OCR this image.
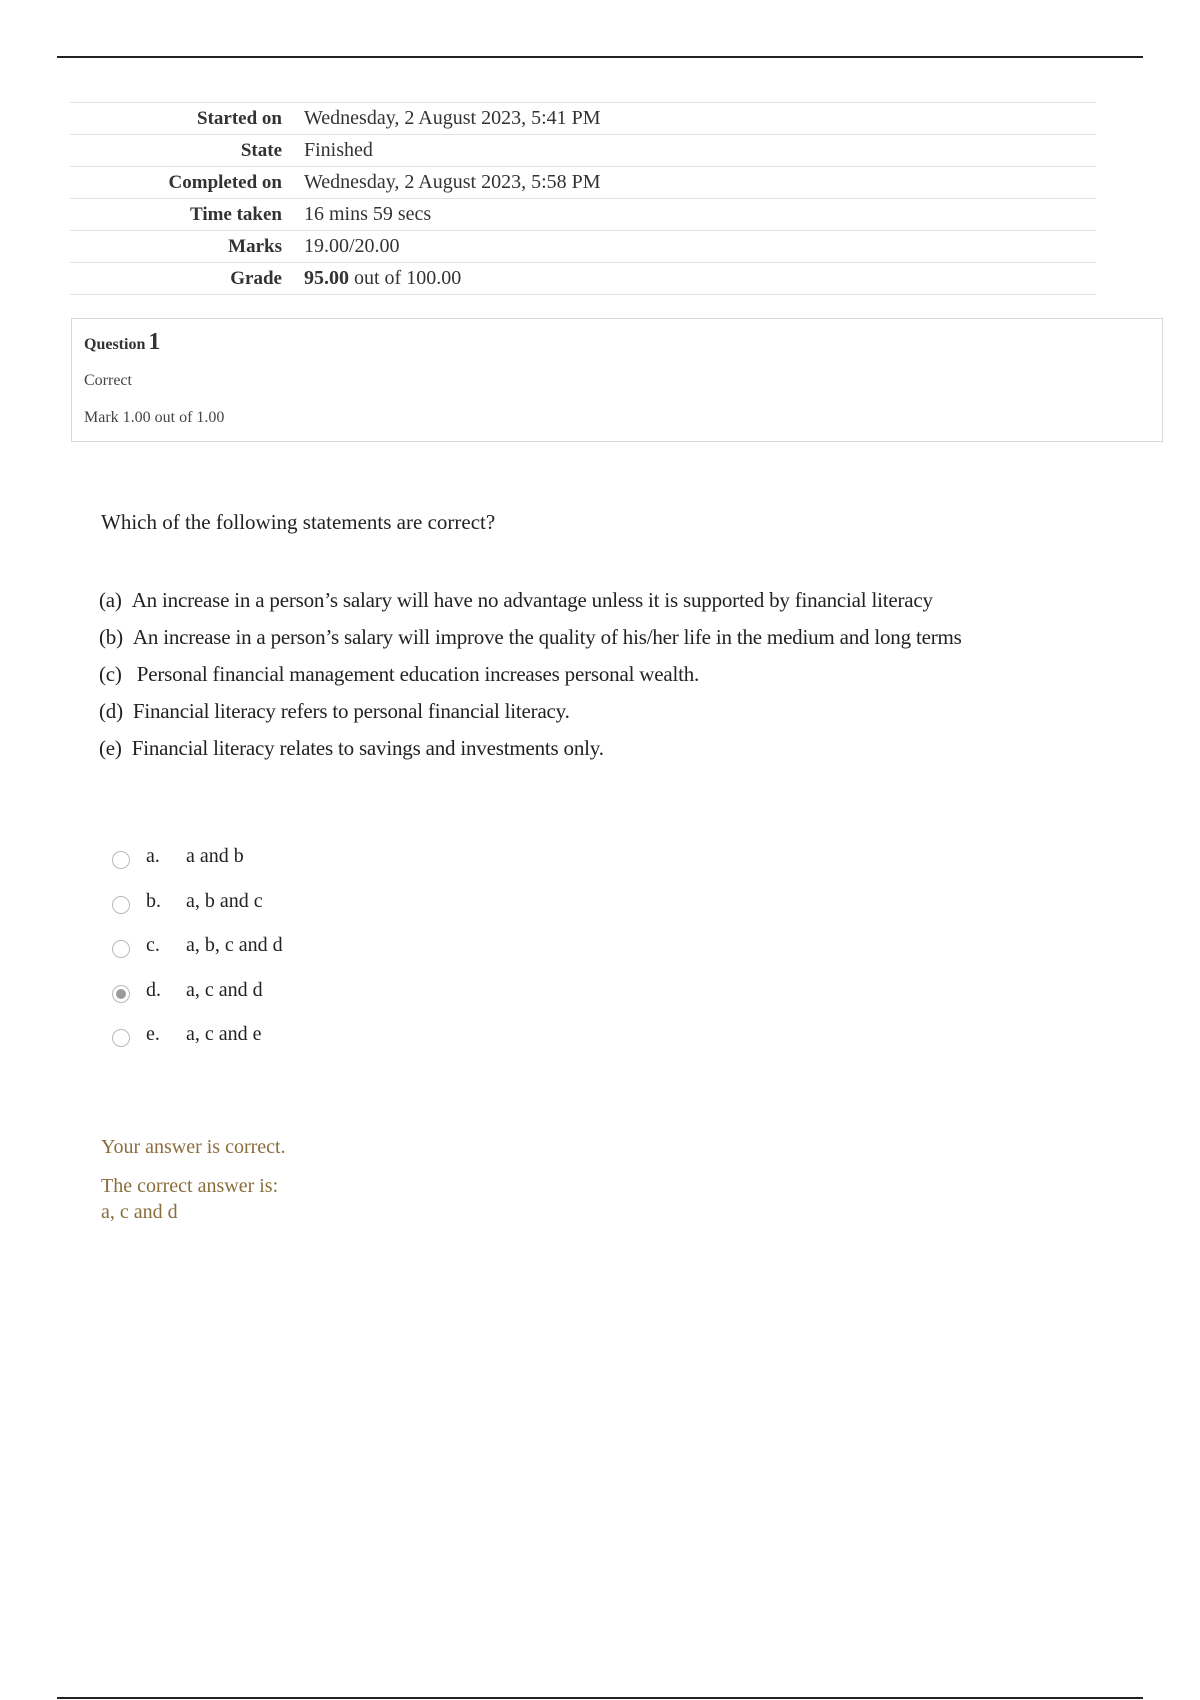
Started on	Wednesday, 2 August 2023, 5:41 PM
State	Finished
Completed on	Wednesday, 2 August 2023, 5:58 PM
Time taken	16 mins 59 secs
Marks	19.00/20.00
Grade	95.00 out of 100.00
Question 1
Correct
Mark 1.00 out of 1.00
Which of the following statements are correct?
(a) An increase in a person’s salary will have no advantage unless it is supported by financial literacy
(b) An increase in a person’s salary will improve the quality of his/her life in the medium and long terms
(c) Personal financial management education increases personal wealth.
(d) Financial literacy refers to personal financial literacy.
(e) Financial literacy relates to savings and investments only.
a.	a and b
b.	a, b and c
c.	a, b, c and d
d.	a, c and d
e.	a, c and e
Your answer is correct.
The correct answer is:
a, c and d
